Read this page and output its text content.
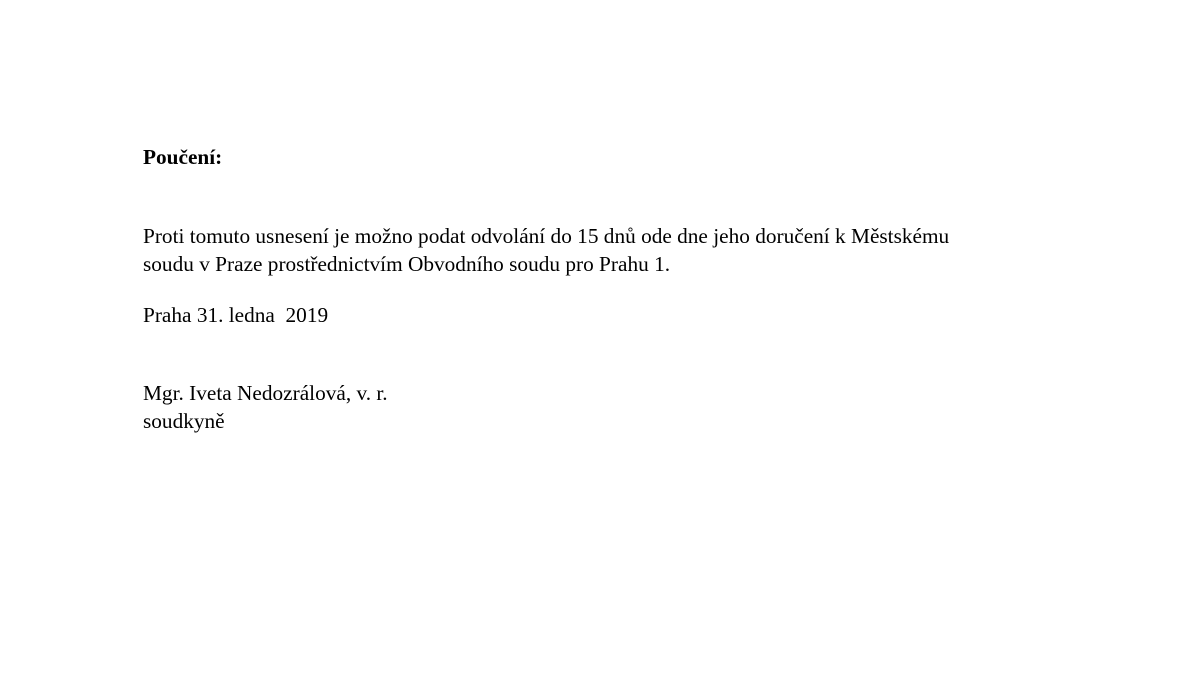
Poučení:
Proti tomuto usnesení je možno podat odvolání do 15 dnů ode dne jeho doručení k Městskému
soudu v Praze prostřednictvím Obvodního soudu pro Prahu 1.
Praha 31. ledna  2019
Mgr. Iveta Nedozrálová, v. r.
soudkyně
